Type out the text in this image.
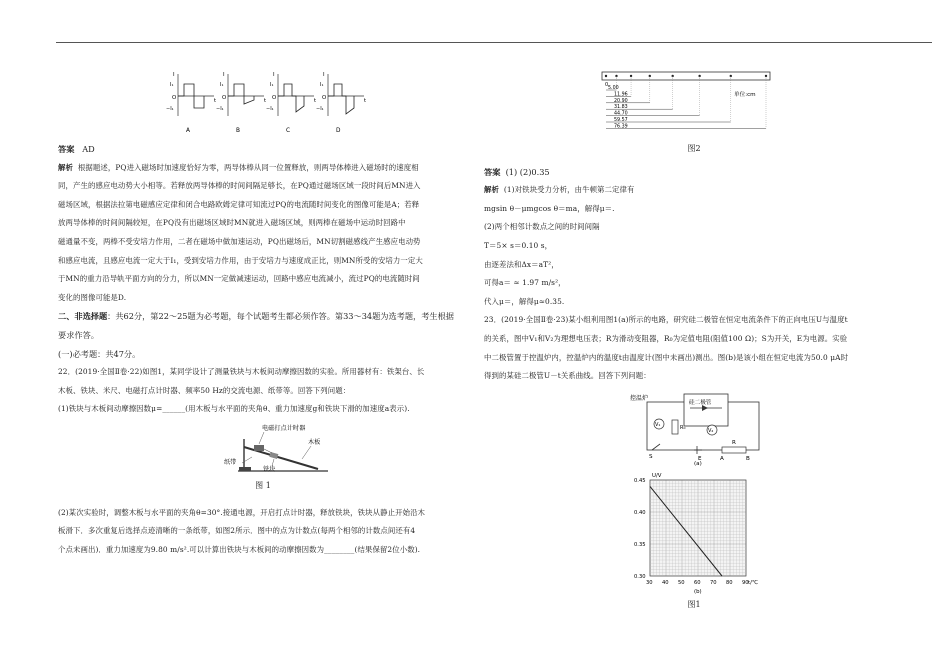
I
t
O
I₁
−I₁
A
I
t
O
I₁
−I₁
B
I
t
O
I₁
−I₁
C
I
t
O
I₁
−I₁
D

答案 AD

解析 根据题述，PQ进入磁场时加速度恰好为零，两导体棒从同一位置释放，则两导体棒进入磁场时的速度相

同，产生的感应电动势大小相等。若释放两导体棒的时间间隔足够长，在PQ通过磁场区域一段时间后MN进入

磁场区域，根据法拉第电磁感应定律和闭合电路欧姆定律可知流过PQ的电流随时间变化的图像可能是A；若释

放两导体棒的时间间隔较短，在PQ没有出磁场区域时MN就进入磁场区域，则两棒在磁场中运动时回路中

磁通量不变，两棒不受安培力作用，二者在磁场中做加速运动，PQ出磁场后，MN切割磁感线产生感应电动势

和感应电流，且感应电流一定大于I₁，受到安培力作用，由于安培力与速度成正比，则MN所受的安培力一定大

于MN的重力沿导轨平面方向的分力，所以MN一定做减速运动，回路中感应电流减小，流过PQ的电流随时间

变化的图像可能是D.

二、非选择题：共62分，第22～25题为必考题，每个试题考生都必须作答。第33～34题为选考题，考生根据

要求作答。

(一)必考题：共47分。

22．(2019·全国Ⅱ卷·22)如图1，某同学设计了测量铁块与木板间动摩擦因数的实验。所用器材有：铁架台、长

木板、铁块、米尺、电磁打点计时器、频率50 Hz的交流电源、纸带等。回答下列问题：

(1)铁块与木板间动摩擦因数μ=______(用木板与水平面的夹角θ、重力加速度g和铁块下滑的加速度a表示).

电磁打点计时器
木板
纸带
铁块

图 1

(2)某次实验时，调整木板与水平面的夹角θ=30°.接通电源，开启打点计时器，释放铁块，铁块从静止开始沿木

板滑下．多次重复后选择点迹清晰的一条纸带，如图2所示．图中的点为计数点(每两个相邻的计数点间还有4

个点未画出)．重力加速度为9.80 m/s².可以计算出铁块与木板间的动摩擦因数为________(结果保留2位小数).

0
5.00
11.96
20.90
31.83
44.70
59.57
76.39
单位:cm

图2

答案 (1) (2)0.35

解析 (1)对铁块受力分析，由牛顿第二定律有

mgsin θ－μmgcos θ＝ma，解得μ＝.

(2)两个相邻计数点之间的时间间隔

T＝5× s＝0.10 s，

由逐差法和Δx＝aT²，

可得a＝ ≈ 1.97 m/s²，

代入μ＝，解得μ≈0.35.

23．(2019·全国Ⅱ卷·23)某小组利用图1(a)所示的电路，研究硅二极管在恒定电流条件下的正向电压U与温度t

的关系，图中V₁和V₂为理想电压表；R为滑动变阻器，R₀为定值电阻(阻值100 Ω)；S为开关，E为电源。实验

中二极管置于控温炉内，控温炉内的温度t由温度计(图中未画出)测出。图(b)是该小组在恒定电流为50.0 μA时

得到的某硅二极管U－t关系曲线。回答下列问题：

控温炉
硅二极管
V₁
V₂
R₀
S	E
R
A	B
(a)
0.45
0.40
0.35
0.30
30 40 50 60 70 80 90
U/V
t/℃
(b)

图1
